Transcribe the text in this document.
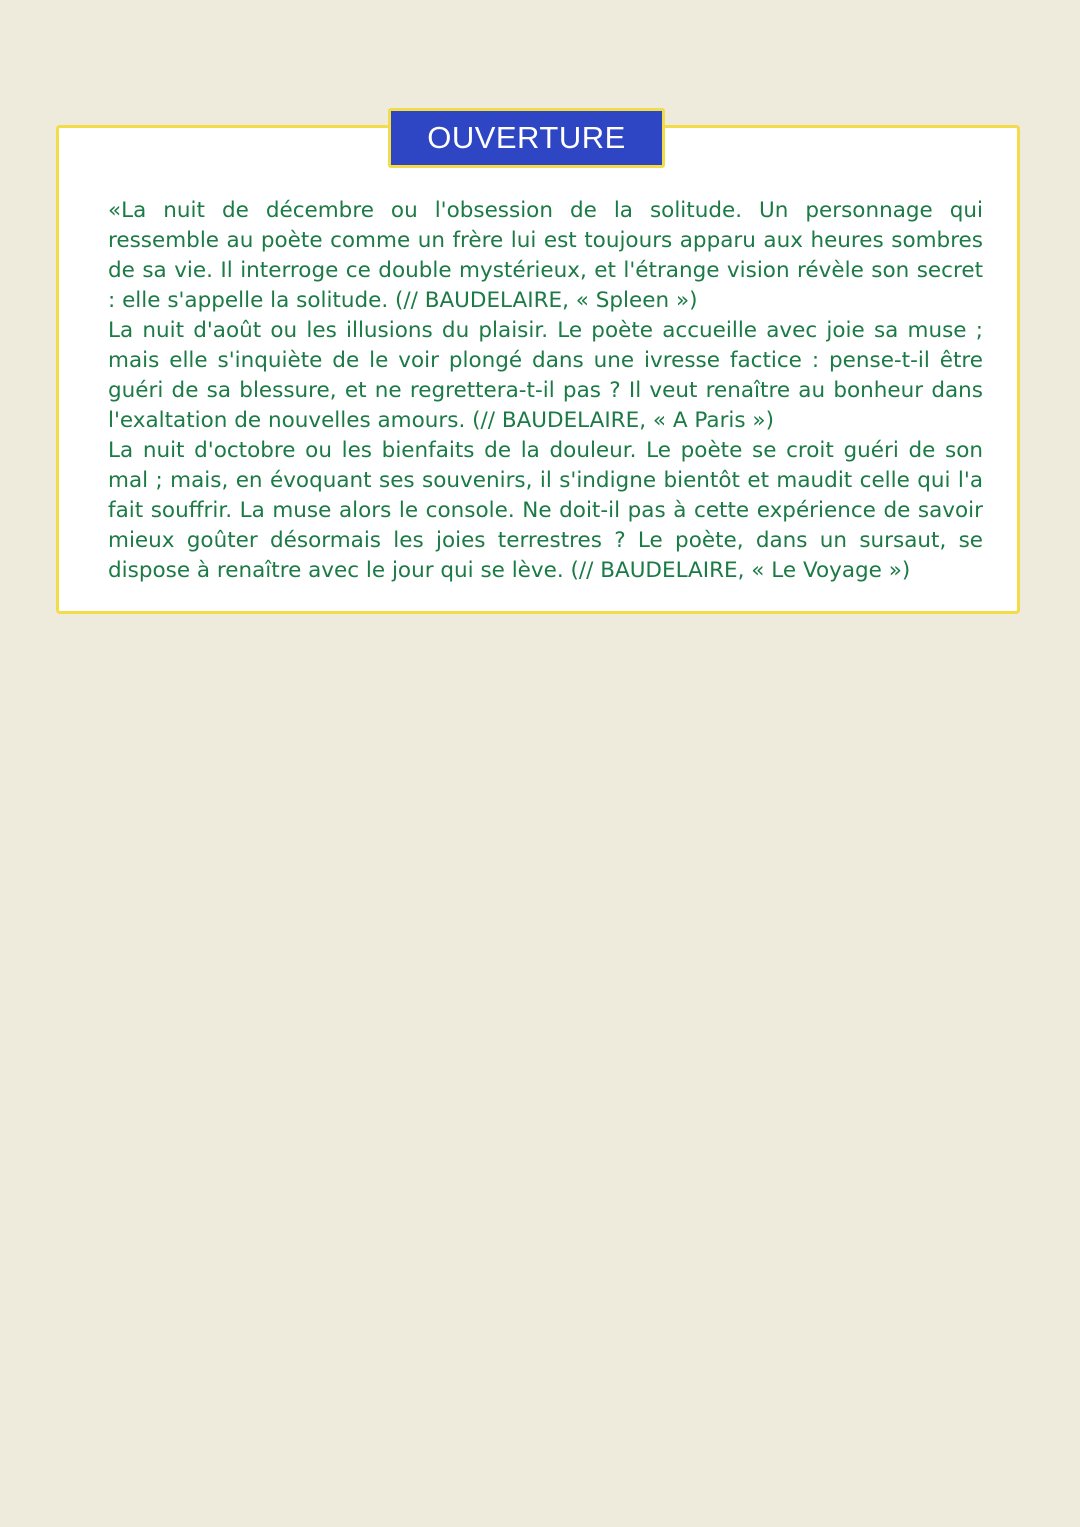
OUVERTURE

«La nuit de décembre ou l'obsession de la solitude. Un personnage qui ressemble au poète comme un frère lui est toujours apparu aux heures sombres de sa vie. Il interroge ce double mystérieux, et l'étrange vision révèle son secret : elle s'appelle la solitude. (// BAUDELAIRE, « Spleen »)

La nuit d'août ou les illusions du plaisir. Le poète accueille avec joie sa muse ; mais elle s'inquiète de le voir plongé dans une ivresse factice : pense-t-il être guéri de sa blessure, et ne regrettera-t-il pas ? Il veut renaître au bonheur dans l'exaltation de nouvelles amours. (// BAUDELAIRE, « A Paris »)

La nuit d'octobre ou les bienfaits de la douleur. Le poète se croit guéri de son mal ; mais, en évoquant ses souvenirs, il s'indigne bientôt et maudit celle qui l'a fait souffrir. La muse alors le console. Ne doit-il pas à cette expérience de savoir mieux goûter désormais les joies terrestres ? Le poète, dans un sursaut, se dispose à renaître avec le jour qui se lève. (// BAUDELAIRE, « Le Voyage »)
